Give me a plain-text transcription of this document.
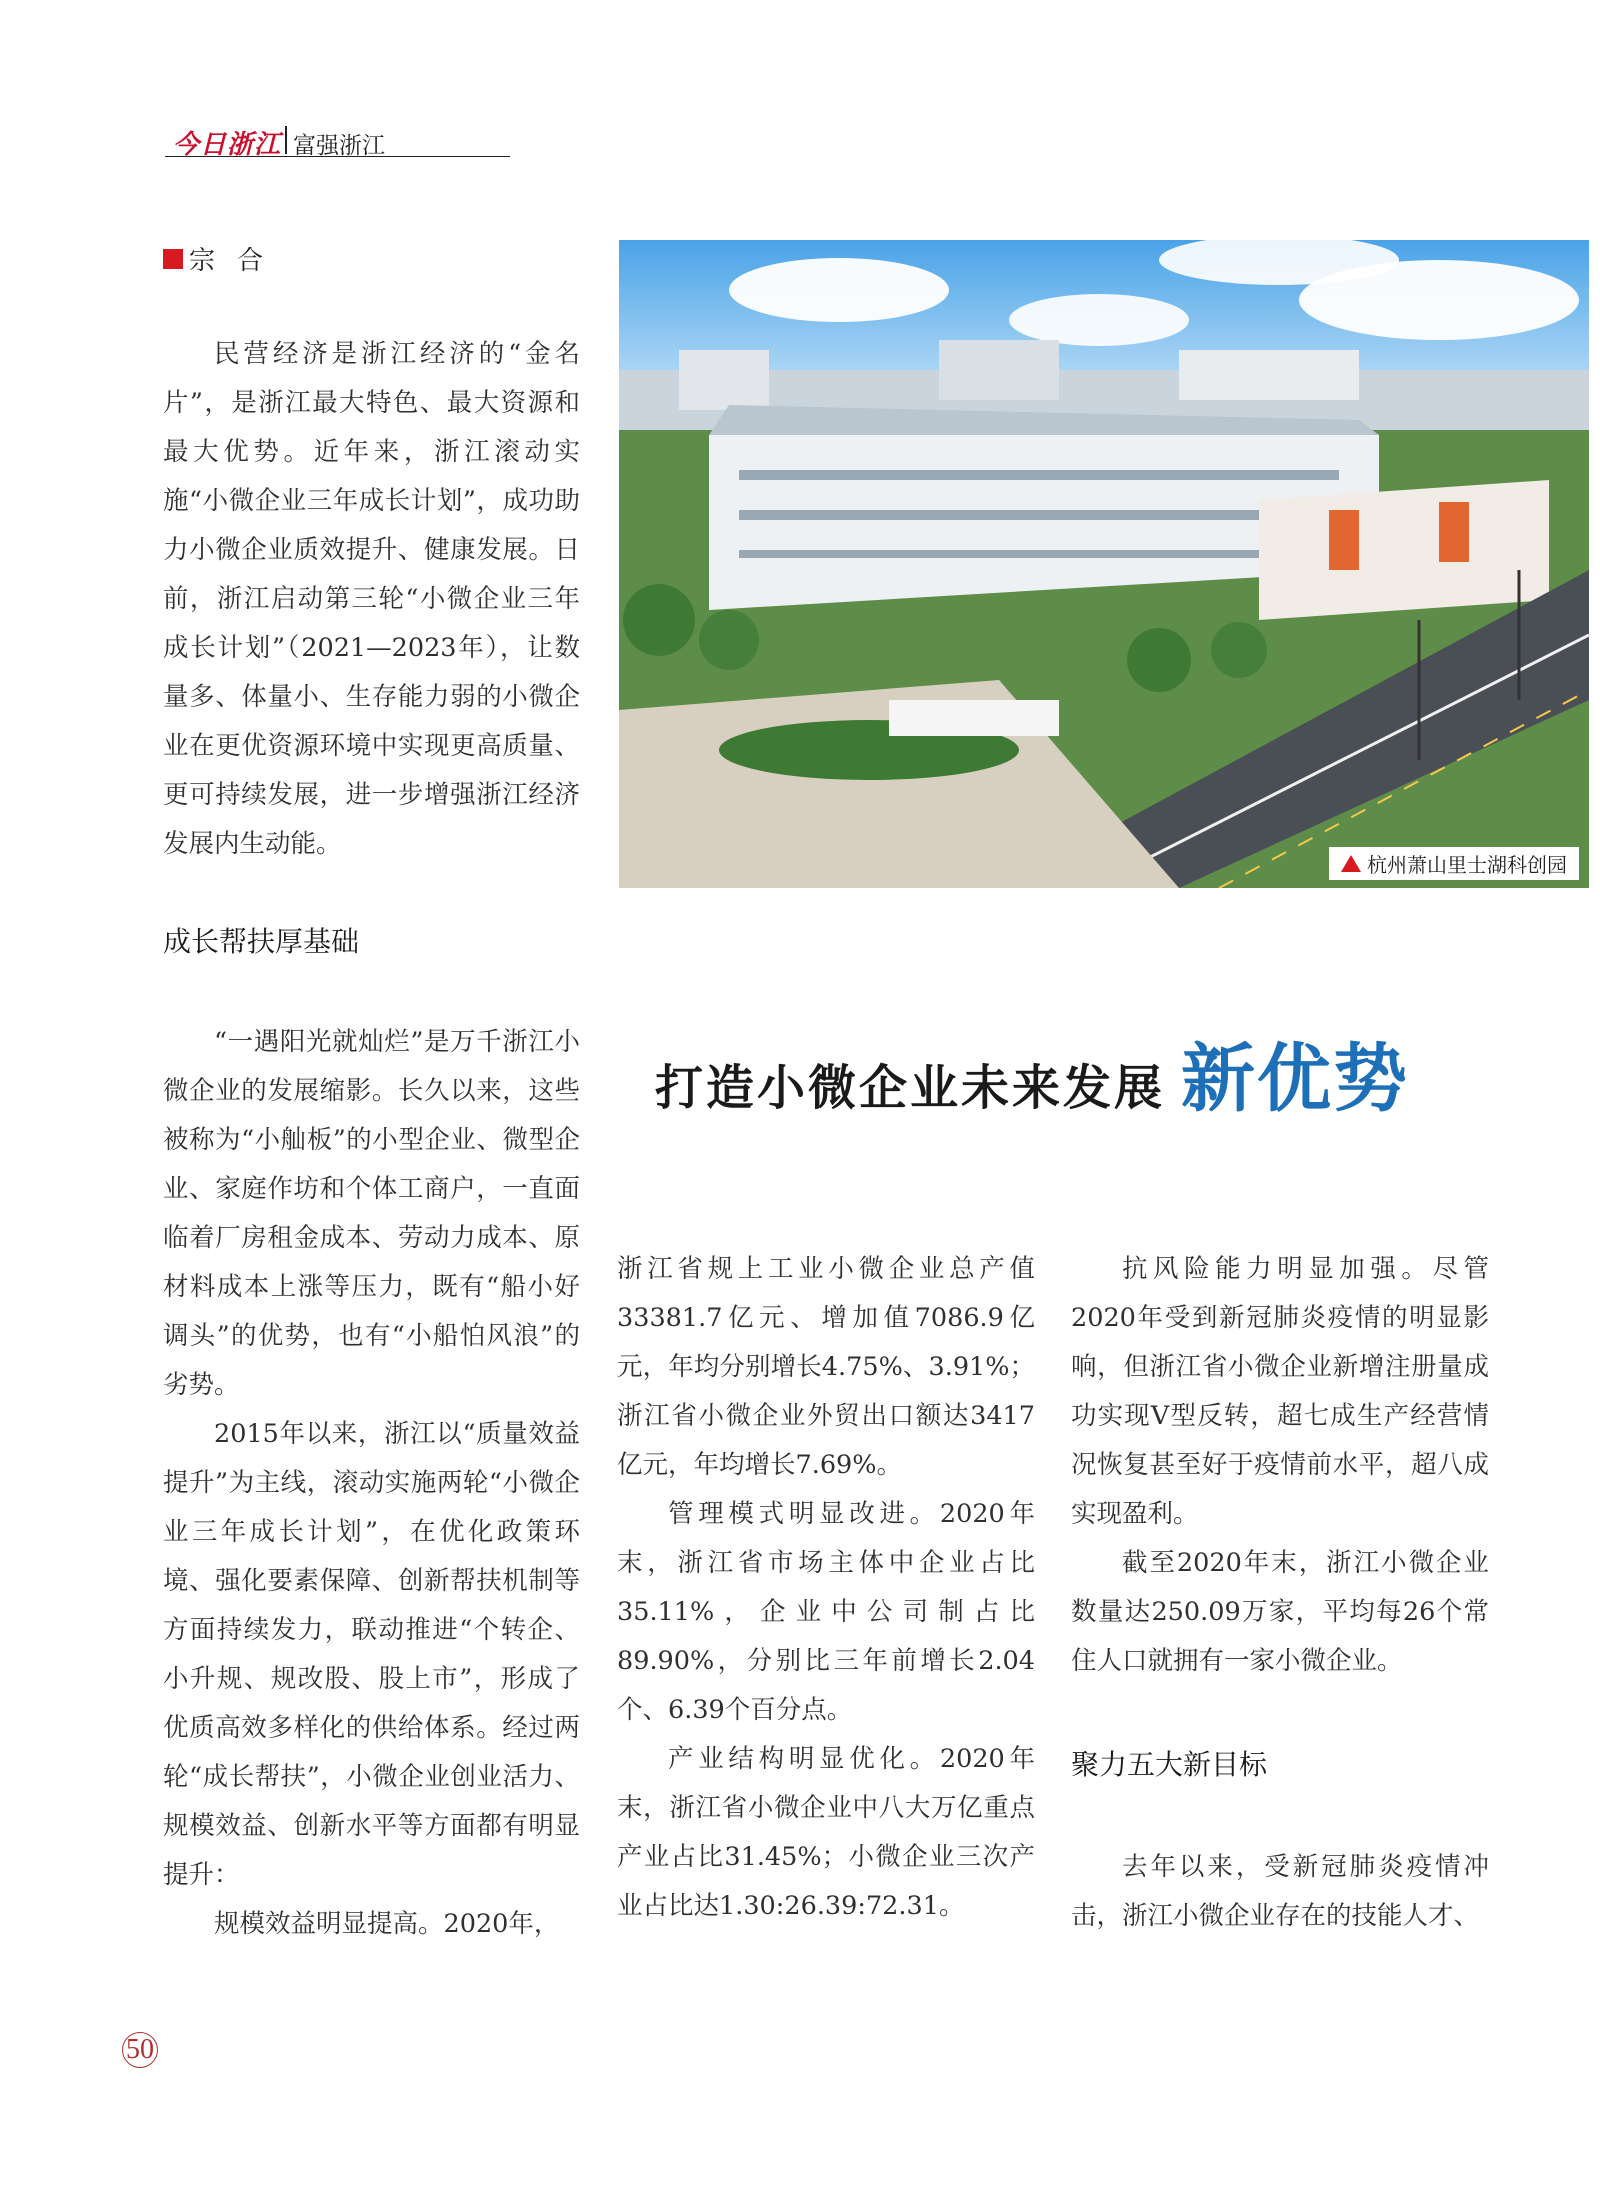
今日浙江 富强浙江
宗合
杭州萧山里士湖科创园

民营经济是浙江经济的“金名片”，是浙江最大特色、最大资源和最大优势。近年来，浙江滚动实施“小微企业三年成长计划”，成功助力小微企业质效提升、健康发展。日前，浙江启动第三轮“小微企业三年成长计划”（2021—2023年），让数量多、体量小、生存能力弱的小微企业在更优资源环境中实现更高质量、更可持续发展，进一步增强浙江经济发展内生动能。

成长帮扶厚基础

“一遇阳光就灿烂”是万千浙江小微企业的发展缩影。长久以来，这些被称为“小舢板”的小型企业、微型企业、家庭作坊和个体工商户，一直面临着厂房租金成本、劳动力成本、原材料成本上涨等压力，既有“船小好调头”的优势，也有“小船怕风浪”的劣势。

2015年以来，浙江以“质量效益提升”为主线，滚动实施两轮“小微企业三年成长计划”，在优化政策环境、强化要素保障、创新帮扶机制等方面持续发力，联动推进“个转企、小升规、规改股、股上市”，形成了优质高效多样化的供给体系。经过两轮“成长帮扶”，小微企业创业活力、规模效益、创新水平等方面都有明显提升：

规模效益明显提高。2020年，

打造小微企业未来发展 新优势

浙江省规上工业小微企业总产值33381.7亿元、增加值7086.9亿元，年均分别增长4.75%、3.91%；浙江省小微企业外贸出口额达3417亿元，年均增长7.69%。

管理模式明显改进。2020年末，浙江省市场主体中企业占比35.11%，企业中公司制占比89.90%，分别比三年前增长2.04个、6.39个百分点。

产业结构明显优化。2020年末，浙江省小微企业中八大万亿重点产业占比31.45%；小微企业三次产业占比达1.30:26.39:72.31。

抗风险能力明显加强。尽管2020年受到新冠肺炎疫情的明显影响，但浙江省小微企业新增注册量成功实现V型反转，超七成生产经营情况恢复甚至好于疫情前水平，超八成实现盈利。

截至2020年末，浙江小微企业数量达250.09万家，平均每26个常住人口就拥有一家小微企业。

聚力五大新目标

去年以来，受新冠肺炎疫情冲击，浙江小微企业存在的技能人才、

50
